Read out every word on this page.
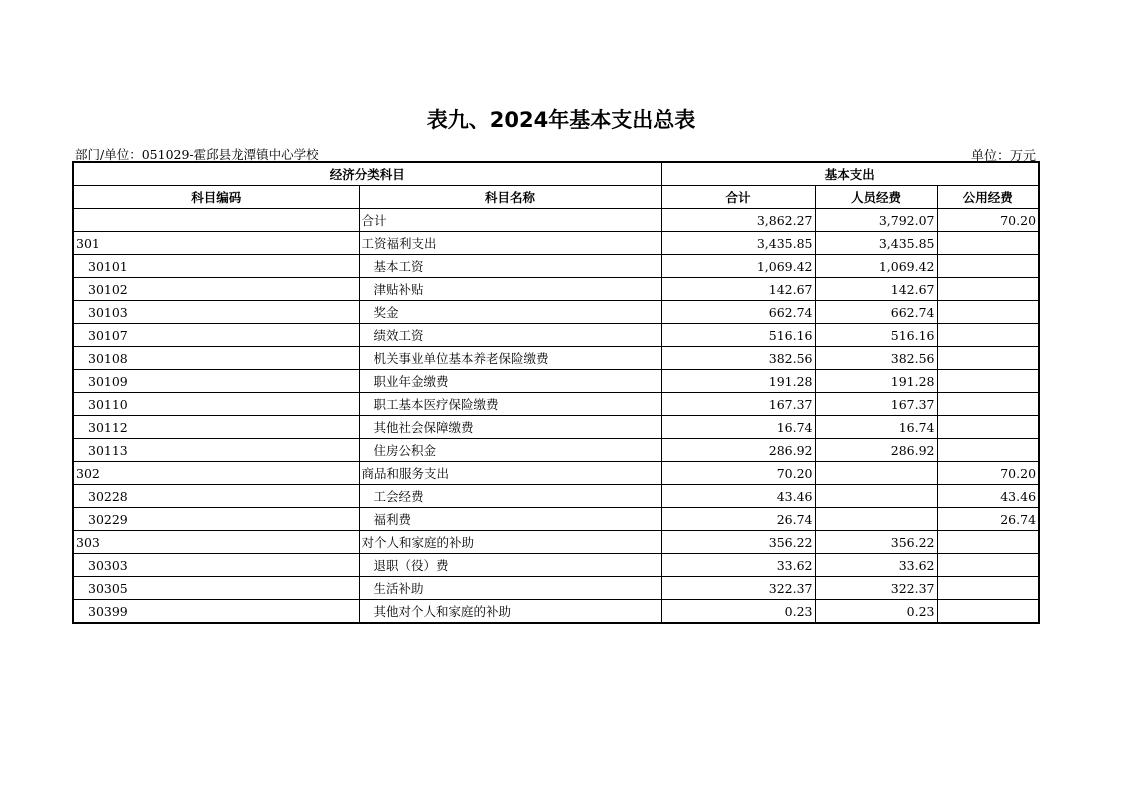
表九、2024年基本支出总表
部门/单位：051029-霍邱县龙潭镇中心学校	单位：万元
经济分类科目		基本支出		
科目编码	科目名称	合计	人员经费	公用经费
	合计	3,862.27	3,792.07	70.20
301	工资福利支出	3,435.85	3,435.85	
30101	基本工资	1,069.42	1,069.42	
30102	津贴补贴	142.67	142.67	
30103	奖金	662.74	662.74	
30107	绩效工资	516.16	516.16	
30108	机关事业单位基本养老保险缴费	382.56	382.56	
30109	职业年金缴费	191.28	191.28	
30110	职工基本医疗保险缴费	167.37	167.37	
30112	其他社会保障缴费	16.74	16.74	
30113	住房公积金	286.92	286.92	
302	商品和服务支出	70.20		70.20
30228	工会经费	43.46		43.46
30229	福利费	26.74		26.74
303	对个人和家庭的补助	356.22	356.22	
30303	退职（役）费	33.62	33.62	
30305	生活补助	322.37	322.37	
30399	其他对个人和家庭的补助	0.23	0.23	
